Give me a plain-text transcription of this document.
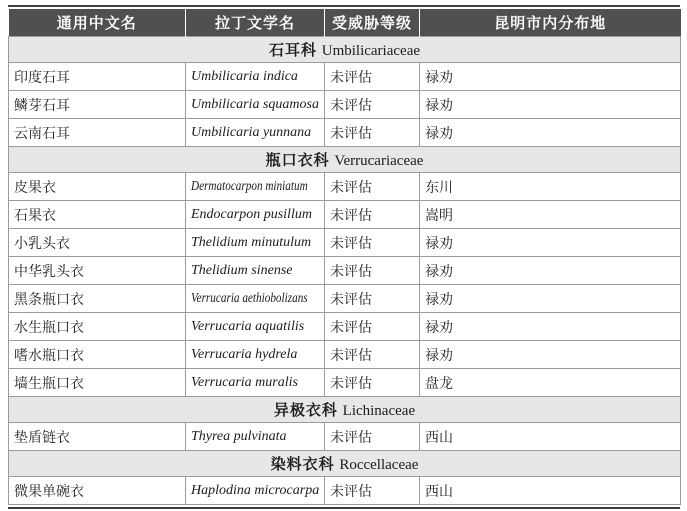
通用中文名	拉丁文学名	受威胁等级	昆明市内分布地
石耳科 Umbilicariaceae			
印度石耳	Umbilicaria indica	未评估	禄劝
鳞芽石耳	Umbilicaria squamosa	未评估	禄劝
云南石耳	Umbilicaria yunnana	未评估	禄劝
瓶口衣科 Verrucariaceae			
皮果衣	Dermatocarpon miniatum	未评估	东川
石果衣	Endocarpon pusillum	未评估	嵩明
小乳头衣	Thelidium minutulum	未评估	禄劝
中华乳头衣	Thelidium sinense	未评估	禄劝
黑条瓶口衣	Verrucaria aethiobolizans	未评估	禄劝
水生瓶口衣	Verrucaria aquatilis	未评估	禄劝
嗜水瓶口衣	Verrucaria hydrela	未评估	禄劝
墙生瓶口衣	Verrucaria muralis	未评估	盘龙
异极衣科 Lichinaceae			
垫盾链衣	Thyrea pulvinata	未评估	西山
染料衣科 Roccellaceae			
微果单碗衣	Haplodina microcarpa	未评估	西山
